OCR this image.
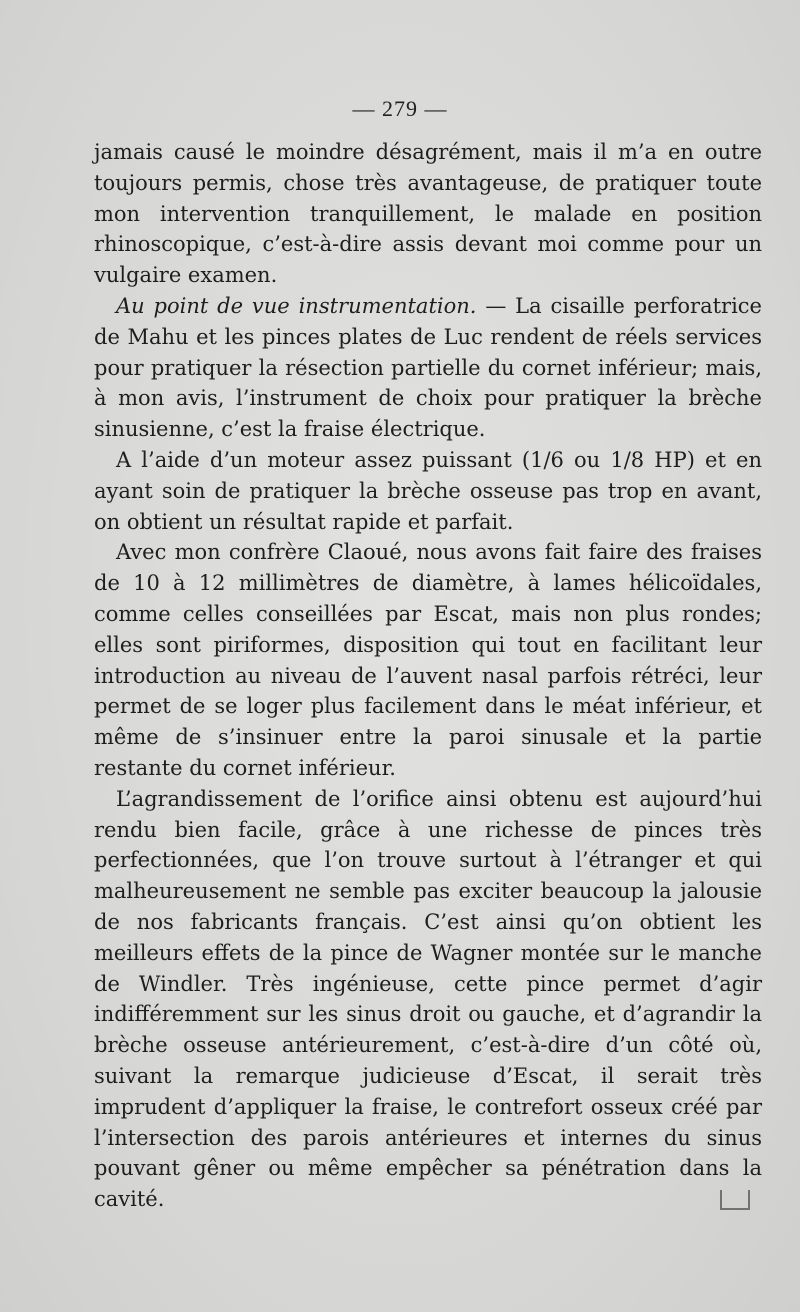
— 279 —

jamais causé le moindre désagrément, mais il m’a en outre toujours permis, chose très avantageuse, de pratiquer toute mon intervention tranquillement, le malade en position rhinoscopique, c’est-à-dire assis devant moi comme pour un vulgaire examen.

Au point de vue instrumentation. — La cisaille perforatrice de Mahu et les pinces plates de Luc rendent de réels services pour pratiquer la résection partielle du cornet inférieur; mais, à mon avis, l’instrument de choix pour pratiquer la brèche sinusienne, c’est la fraise électrique.

A l’aide d’un moteur assez puissant (1/6 ou 1/8 HP) et en ayant soin de pratiquer la brèche osseuse pas trop en avant, on obtient un résultat rapide et parfait.

Avec mon confrère Claoué, nous avons fait faire des fraises de 10 à 12 millimètres de diamètre, à lames hélicoïdales, comme celles conseillées par Escat, mais non plus rondes; elles sont piriformes, disposition qui tout en facilitant leur introduction au niveau de l’auvent nasal parfois rétréci, leur permet de se loger plus facilement dans le méat inférieur, et même de s’insinuer entre la paroi sinusale et la partie restante du cornet inférieur.

L’agrandissement de l’orifice ainsi obtenu est aujourd’hui rendu bien facile, grâce à une richesse de pinces très perfectionnées, que l’on trouve surtout à l’étranger et qui malheureusement ne semble pas exciter beaucoup la jalousie de nos fabricants français. C’est ainsi qu’on obtient les meilleurs effets de la pince de Wagner montée sur le manche de Windler. Très ingénieuse, cette pince permet d’agir indifféremment sur les sinus droit ou gauche, et d’agrandir la brèche osseuse antérieurement, c’est-à-dire d’un côté où, suivant la remarque judicieuse d’Escat, il serait très imprudent d’appliquer la fraise, le contrefort osseux créé par l’intersection des parois antérieures et internes du sinus pouvant gêner ou même empêcher sa pénétration dans la cavité.
